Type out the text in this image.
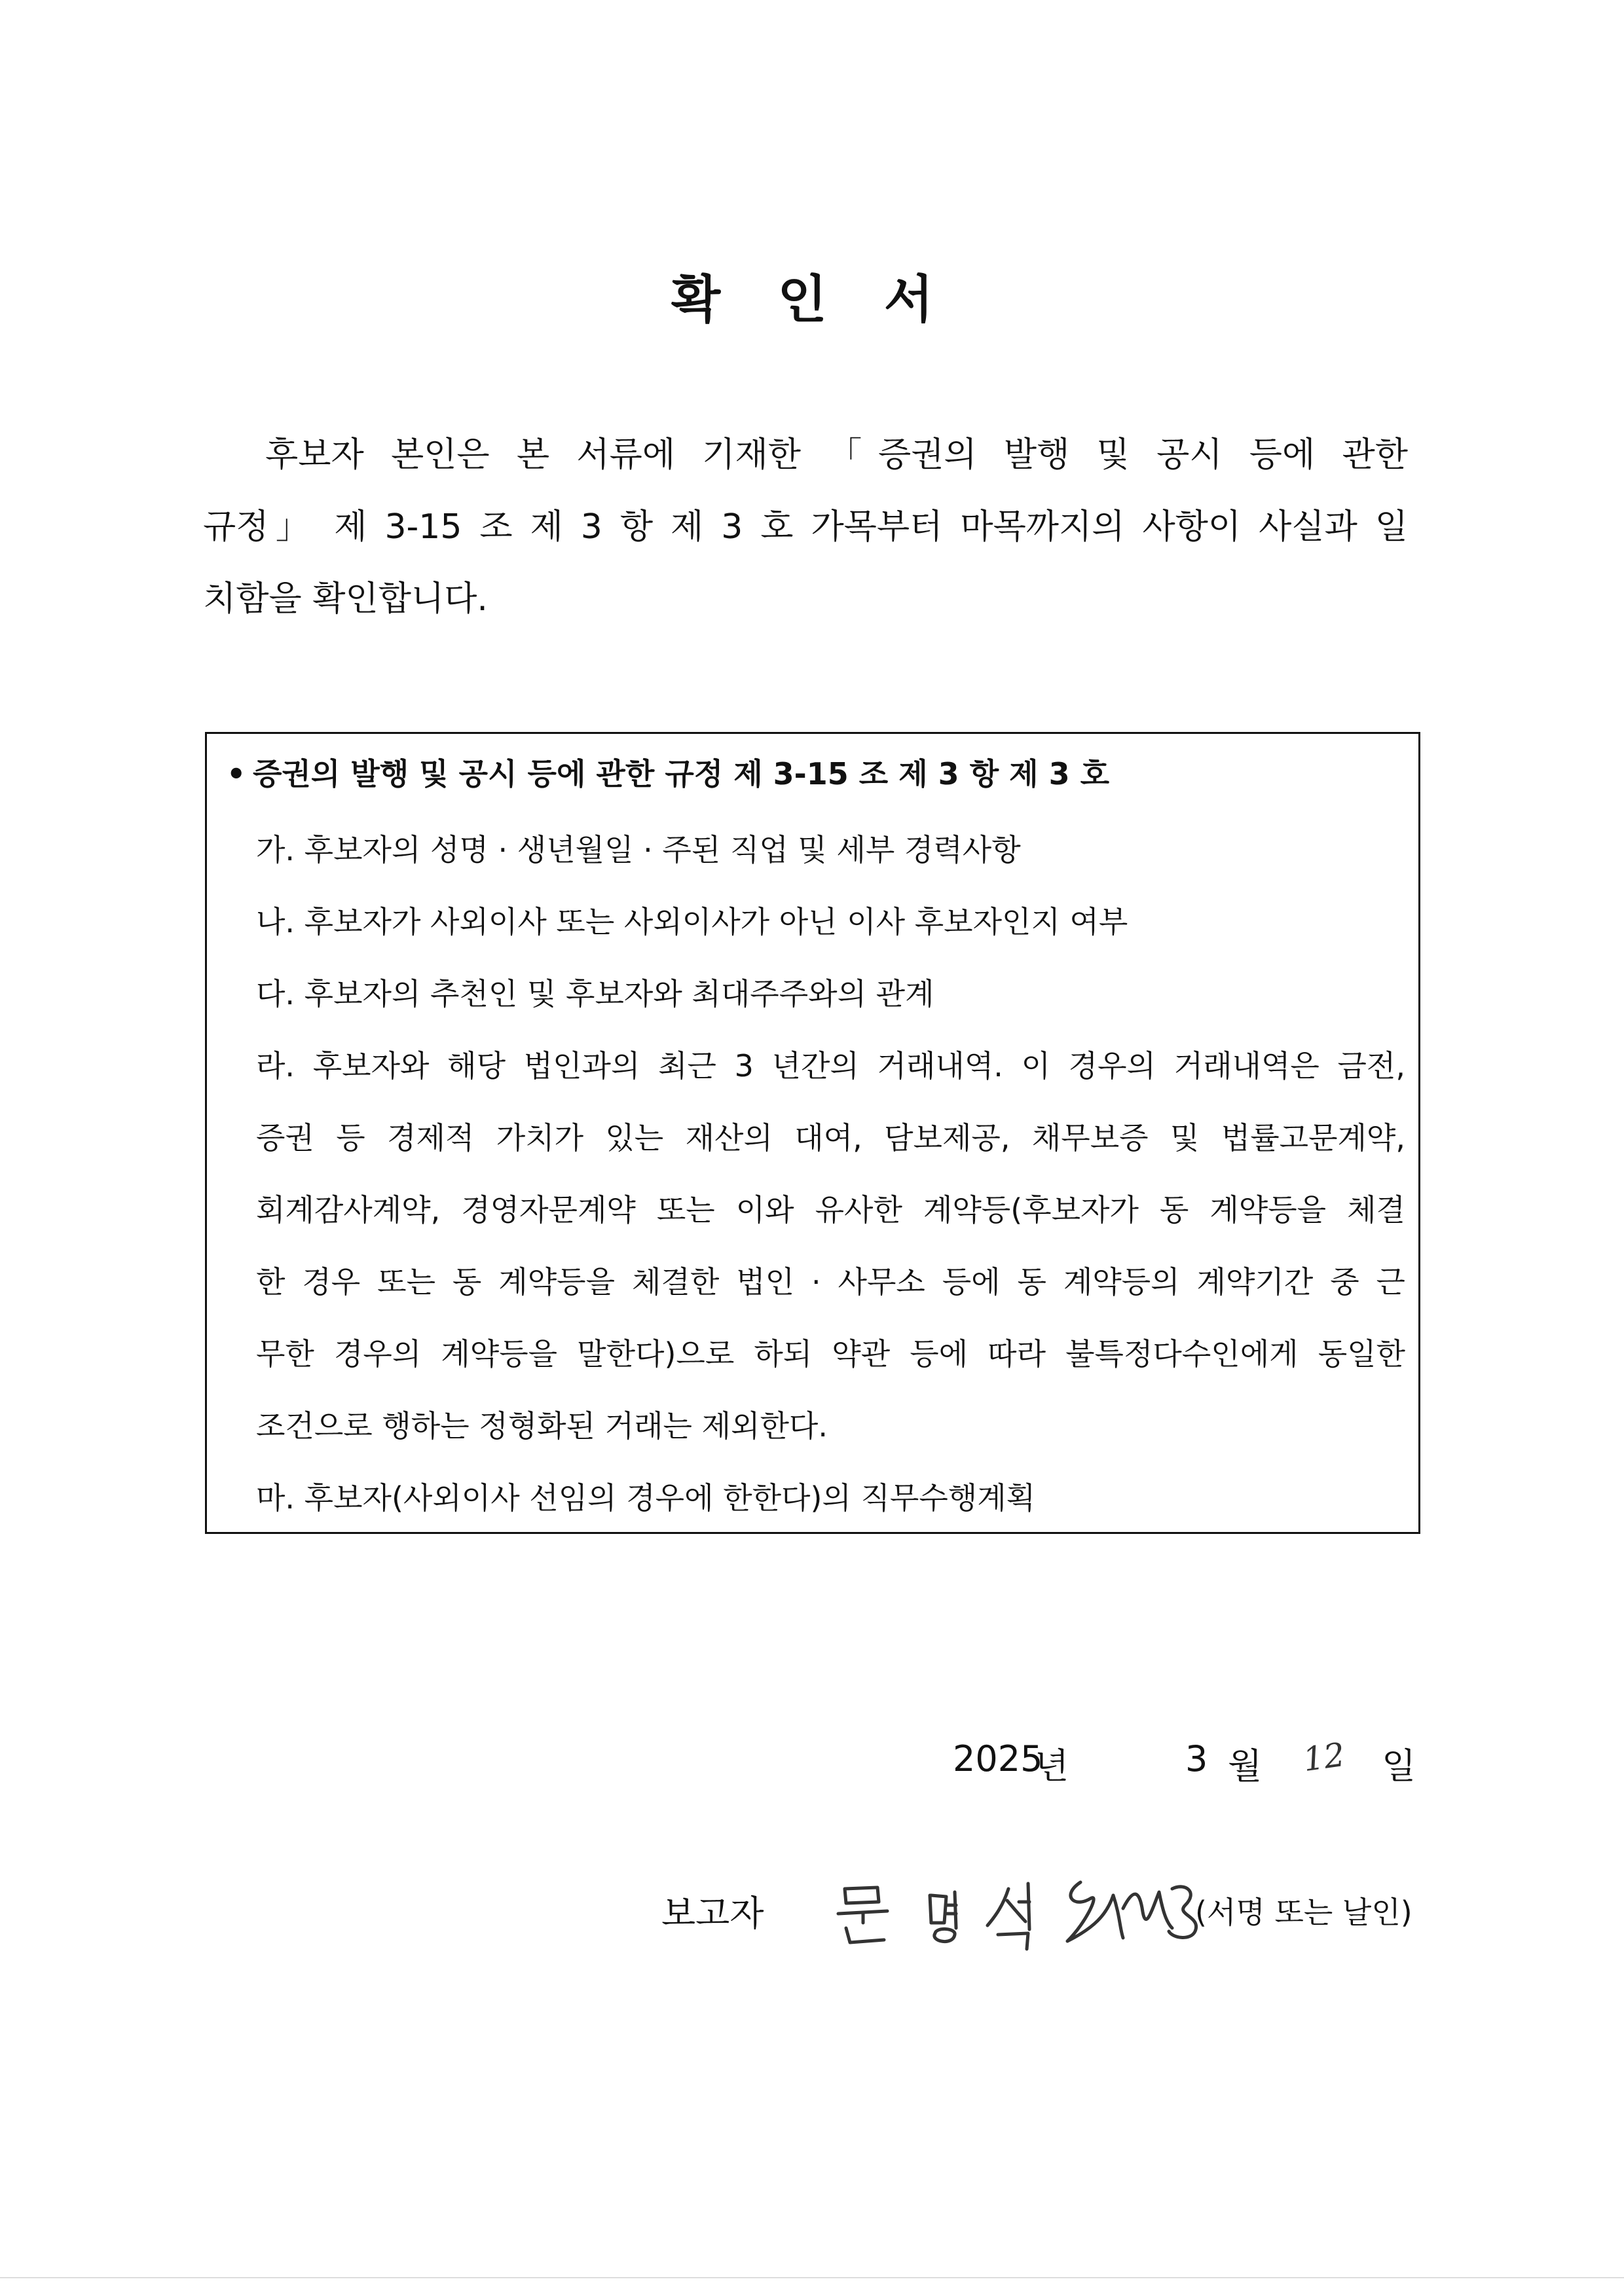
확 인 서
후보자 본인은 본 서류에 기재한 「증권의 발행 및 공시 등에 관한
규정」 제 3-15 조 제 3 항 제 3 호 가목부터 마목까지의 사항이 사실과 일
치함을 확인합니다.
• 증권의 발행 및 공시 등에 관한 규정 제 3-15 조 제 3 항 제 3 호
가. 후보자의 성명 · 생년월일 · 주된 직업 및 세부 경력사항
나. 후보자가 사외이사 또는 사외이사가 아닌 이사 후보자인지 여부
다. 후보자의 추천인 및 후보자와 최대주주와의 관계
라. 후보자와 해당 법인과의 최근 3 년간의 거래내역. 이 경우의 거래내역은 금전,
증권 등 경제적 가치가 있는 재산의 대여, 담보제공, 채무보증 및 법률고문계약,
회계감사계약, 경영자문계약 또는 이와 유사한 계약등(후보자가 동 계약등을 체결
한 경우 또는 동 계약등을 체결한 법인 · 사무소 등에 동 계약등의 계약기간 중 근
무한 경우의 계약등을 말한다)으로 하되 약관 등에 따라 불특정다수인에게 동일한
조건으로 행하는 정형화된 거래는 제외한다.
마. 후보자(사외이사 선임의 경우에 한한다)의 직무수행계획
2025
년	3 월 12 일
보고자	(서명 또는 날인)
